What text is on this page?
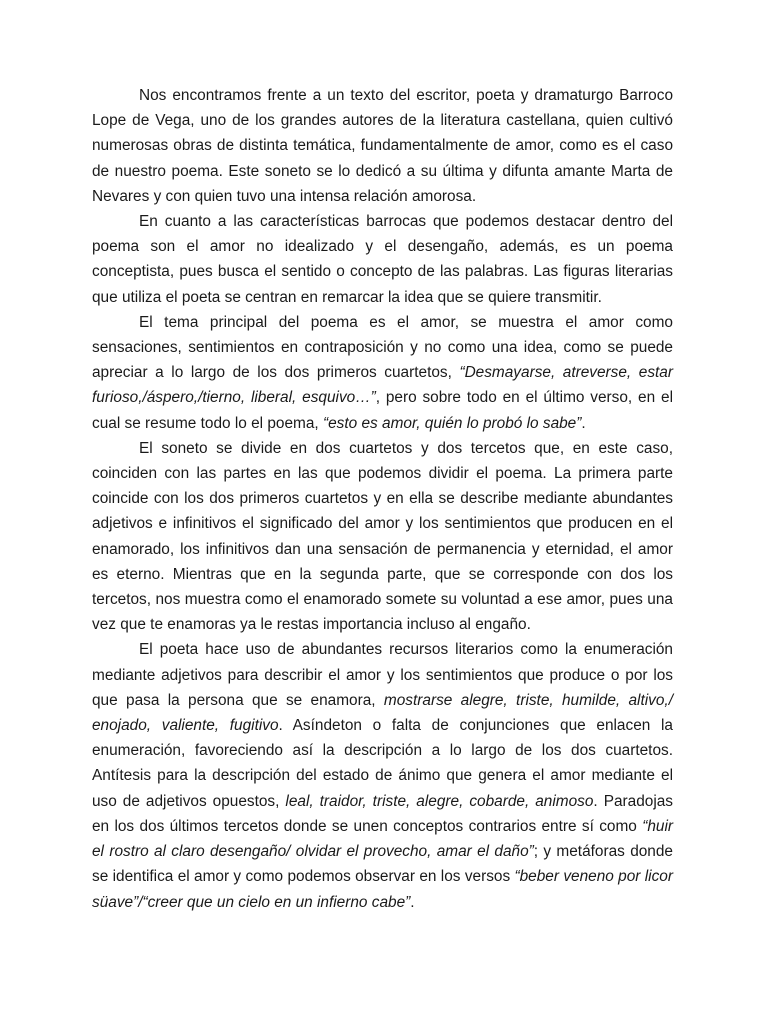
Nos encontramos frente a un texto del escritor, poeta y dramaturgo Barroco Lope de Vega, uno de los grandes autores de la literatura castellana, quien cultivó numerosas obras de distinta temática, fundamentalmente de amor, como es el caso de nuestro poema. Este soneto se lo dedicó a su última y difunta amante Marta de Nevares y con quien tuvo una intensa relación amorosa.

En cuanto a las características barrocas que podemos destacar dentro del poema son el amor no idealizado y el desengaño, además, es un poema conceptista, pues busca el sentido o concepto de las palabras. Las figuras literarias que utiliza el poeta se centran en remarcar la idea que se quiere transmitir.

El tema principal del poema es el amor, se muestra el amor como sensaciones, sentimientos en contraposición y no como una idea, como se puede apreciar a lo largo de los dos primeros cuartetos, “Desmayarse, atreverse, estar furioso,/áspero,/tierno, liberal, esquivo…”, pero sobre todo en el último verso, en el cual se resume todo lo el poema, “esto es amor, quién lo probó lo sabe”.

El soneto se divide en dos cuartetos y dos tercetos que, en este caso, coinciden con las partes en las que podemos dividir el poema. La primera parte coincide con los dos primeros cuartetos y en ella se describe mediante abundantes adjetivos e infinitivos el significado del amor y los sentimientos que producen en el enamorado, los infinitivos dan una sensación de permanencia y eternidad, el amor es eterno. Mientras que en la segunda parte, que se corresponde con dos los tercetos, nos muestra como el enamorado somete su voluntad a ese amor, pues una vez que te enamoras ya le restas importancia incluso al engaño.

El poeta hace uso de abundantes recursos literarios como la enumeración mediante adjetivos para describir el amor y los sentimientos que produce o por los que pasa la persona que se enamora, mostrarse alegre, triste, humilde, altivo,/ enojado, valiente, fugitivo. Asíndeton o falta de conjunciones que enlacen la enumeración, favoreciendo así la descripción a lo largo de los dos cuartetos. Antítesis para la descripción del estado de ánimo que genera el amor mediante el uso de adjetivos opuestos, leal, traidor, triste, alegre, cobarde, animoso. Paradojas en los dos últimos tercetos donde se unen conceptos contrarios entre sí como “huir el rostro al claro desengaño/ olvidar el provecho, amar el daño”; y metáforas donde se identifica el amor y como podemos observar en los versos “beber veneno por licor süave”/“creer que un cielo en un infierno cabe”.
